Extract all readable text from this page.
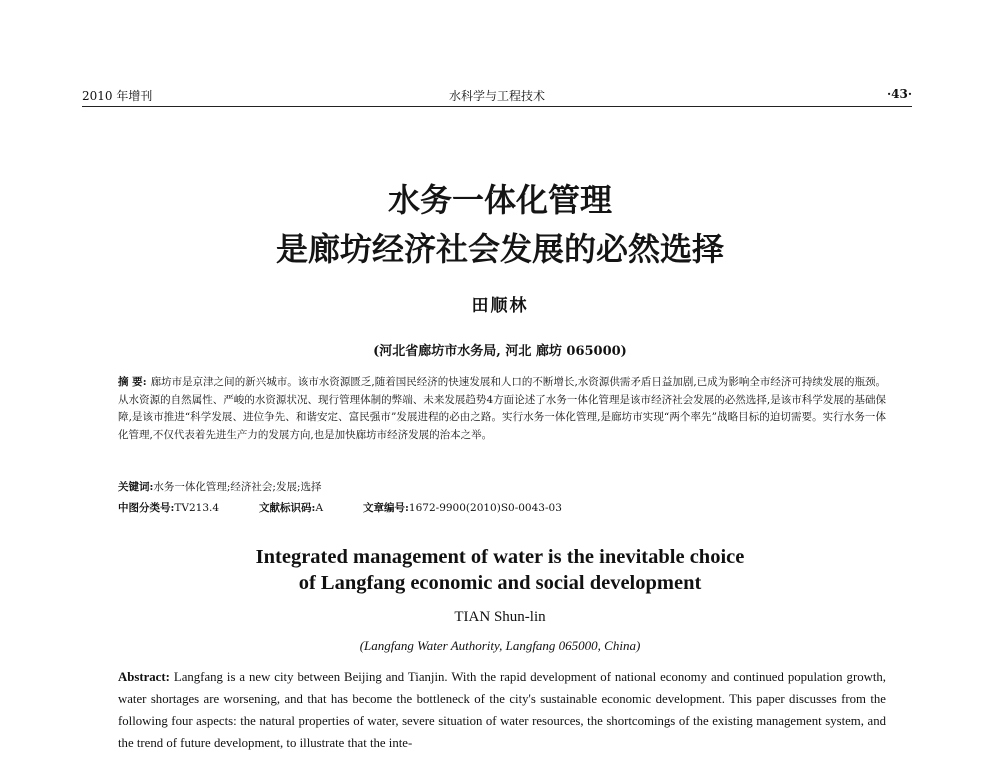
2010 年增刊	水科学与工程技术	·43·
水务一体化管理
是廊坊经济社会发展的必然选择
田顺林
(河北省廊坊市水务局, 河北 廊坊 065000)
摘 要: 廊坊市是京津之间的新兴城市。该市水资源匮乏,随着国民经济的快速发展和人口的不断增长,水资源供需矛盾日益加剧,已成为影响全市经济可持续发展的瓶颈。从水资源的自然属性、严峻的水资源状况、现行管理体制的弊端、未来发展趋势4方面论述了水务一体化管理是该市经济社会发展的必然选择,是该市科学发展的基础保障,是该市推进“科学发展、进位争先、和谐安定、富民强市”发展进程的必由之路。实行水务一体化管理,是廊坊市实现“两个率先”战略目标的迫切需要。实行水务一体化管理,不仅代表着先进生产力的发展方向,也是加快廊坊市经济发展的治本之举。
关键词:水务一体化管理;经济社会;发展;选择
中图分类号:TV213.4	文献标识码:A	文章编号:1672-9900(2010)S0-0043-03
Integrated management of water is the inevitable choice
of Langfang economic and social development
TIAN Shun-lin
(Langfang Water Authority, Langfang 065000, China)
Abstract: Langfang is a new city between Beijing and Tianjin. With the rapid development of national economy and continued population growth, water shortages are worsening, and that has become the bottleneck of the city's sustainable economic development. This paper discusses from the following four aspects: the natural properties of water, severe situation of water resources, the shortcomings of the existing management system, and the trend of future development, to illustrate that the inte-
